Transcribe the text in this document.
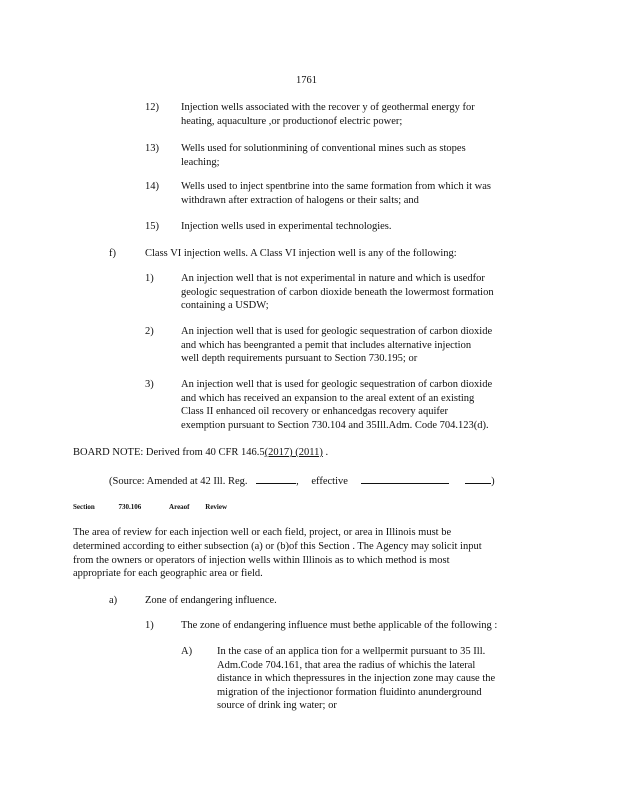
1761
12) Injection wells associated with the recover y of geothermal energy for
heating, aquaculture ,or productionof electric power;
13) Wells used for solutionmining of conventional mines such as stopes
leaching;
14) Wells used to inject spentbrine into the same formation from which it was
withdrawn after extraction of halogens or their salts; and
15) Injection wells used in experimental technologies.
f)	Class VI injection wells. A Class VI injection well is any of the following:
1)	An injection well that is not experimental in nature and which is usedfor
geologic sequestration of carbon dioxide beneath the lowermost formation
containing a USDW;
2)	An injection well that is used for geologic sequestration of carbon dioxide
and which has beengranted a pemit that includes alternative injection
well depth requirements pursuant to Section 730.195; or
3)	An injection well that is used for geologic sequestration of carbon dioxide
and which has received an expansion to the areal extent of an existing
Class II enhanced oil recovery or enhancedgas recovery aquifer
exemption pursuant to Section 730.104 and 35Ill.Adm. Code 704.123(d).
BOARD NOTE: Derived from 40 CFR 146.5(2017) (2011) .
(Source: Amended at 42 Ill. Reg.	, effective	)
Section	730.106	Areaof Review
The area of review for each injection well or each field, project, or area in Illinois must be
determined according to either subsection (a) or (b)of this Section . The Agency may solicit input
from the owners or operators of injection wells within Illinois as to which method is most
appropriate for each geographic area or field.
a)	Zone of endangering influence.
1)	The zone of endangering influence must bethe applicable of the following :
A) In the case of an applica tion for a wellpermit pursuant to 35 Ill.
Adm.Code 704.161, that area the radius of whichis the lateral
distance in which thepressures in the injection zone may cause the
migration of the injectionor formation fluidinto anunderground
source of drink ing water; or
